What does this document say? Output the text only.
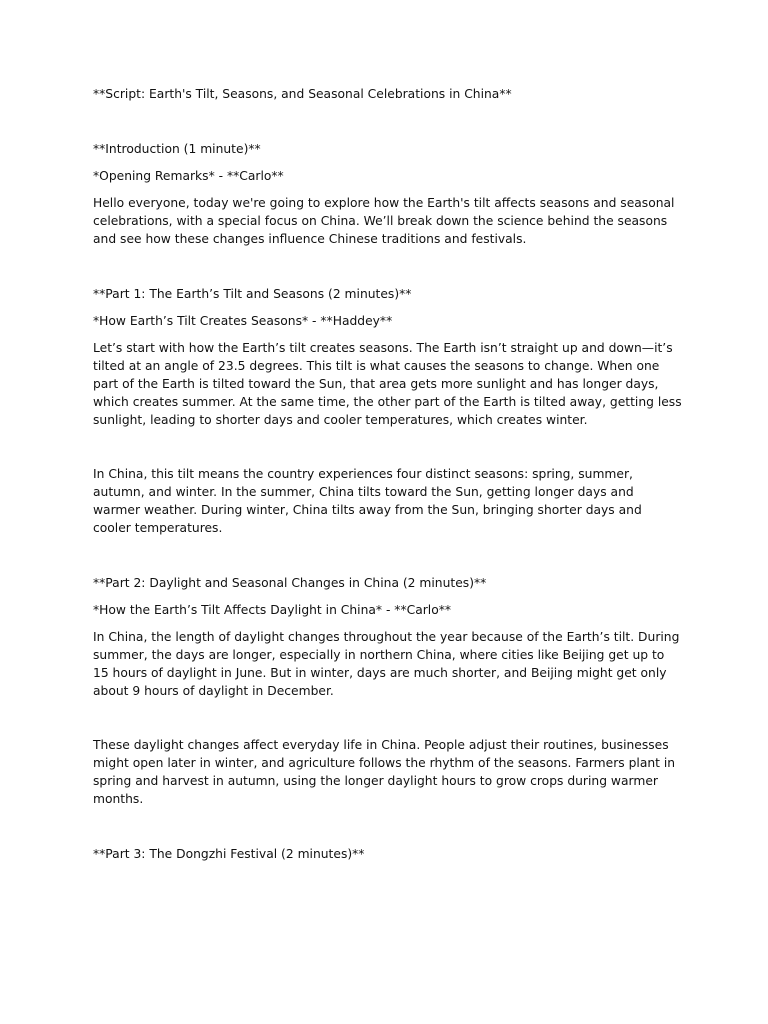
**Script: Earth's Tilt, Seasons, and Seasonal Celebrations in China**

**Introduction (1 minute)**

*Opening Remarks* - **Carlo**

Hello everyone, today we're going to explore how the Earth's tilt affects seasons and seasonal celebrations, with a special focus on China. We’ll break down the science behind the seasons and see how these changes influence Chinese traditions and festivals.

**Part 1: The Earth’s Tilt and Seasons (2 minutes)**

*How Earth’s Tilt Creates Seasons* - **Haddey**

Let’s start with how the Earth’s tilt creates seasons. The Earth isn’t straight up and down—it’s tilted at an angle of 23.5 degrees. This tilt is what causes the seasons to change. When one part of the Earth is tilted toward the Sun, that area gets more sunlight and has longer days, which creates summer. At the same time, the other part of the Earth is tilted away, getting less sunlight, leading to shorter days and cooler temperatures, which creates winter.

In China, this tilt means the country experiences four distinct seasons: spring, summer, autumn, and winter. In the summer, China tilts toward the Sun, getting longer days and warmer weather. During winter, China tilts away from the Sun, bringing shorter days and cooler temperatures.

**Part 2: Daylight and Seasonal Changes in China (2 minutes)**

*How the Earth’s Tilt Affects Daylight in China* - **Carlo**

In China, the length of daylight changes throughout the year because of the Earth’s tilt. During summer, the days are longer, especially in northern China, where cities like Beijing get up to 15 hours of daylight in June. But in winter, days are much shorter, and Beijing might get only about 9 hours of daylight in December.

These daylight changes affect everyday life in China. People adjust their routines, businesses might open later in winter, and agriculture follows the rhythm of the seasons. Farmers plant in spring and harvest in autumn, using the longer daylight hours to grow crops during warmer months.

**Part 3: The Dongzhi Festival (2 minutes)**
